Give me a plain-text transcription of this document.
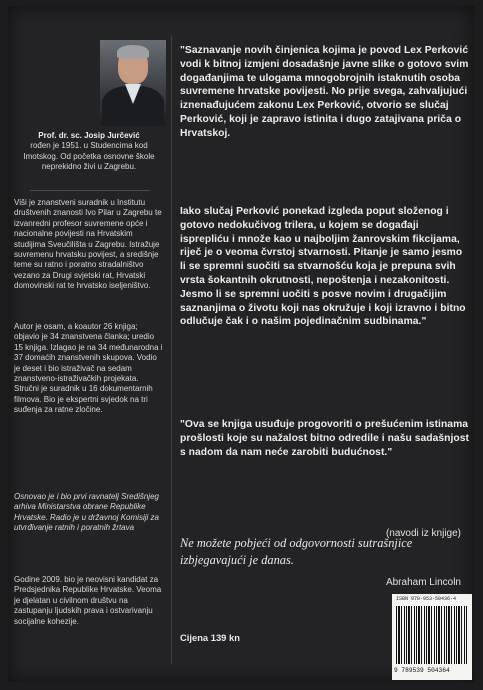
Prof. dr. sc. Josip Jurčević

rođen je 1951. u Studencima kod Imotskog. Od početka osnovne škole neprekidno živi u Zagrebu.

Viši je znanstveni suradnik u Institutu društvenih znanosti Ivo Pilar u Zagrebu te izvanredni profesor suvremene opće i nacionalne povijesti na Hrvatskim studijima Sveučilišta u Zagrebu. Istražuje suvremenu hrvatsku povijest, a središnje teme su ratno i poratno stradalništvo vezano za Drugi svjetski rat, Hrvatski domovinski rat te hrvatsko iseljeništvo.

Autor je osam, a koautor 26 knjiga; objavio je 34 znanstvena članka; uredio 15 knjiga. Izlagao je na 34 međunarodna i 37 domaćih znanstvenih skupova. Vodio je deset i bio istraživač na sedam znanstveno-istraživačkih projekata. Stručni je suradnik u 16 dokumentarnih filmova. Bio je ekspertni svjedok na tri suđenja za ratne zločine.

Osnovao je i bio prvi ravnatelj Središnjeg arhiva Ministarstva obrane Republike Hrvatske. Radio je u državnoj Komisiji za utvrđivanje ratnih i poratnih žrtava

Godine 2009. bio je neovisni kandidat za Predsjednika Republike Hrvatske. Veoma je djelatan u civilnom društvu na zastupanju ljudskih prava i ostvarivanju socijalne kohezije.

"Saznavanje novih činjenica kojima je povod Lex Perković vodi k bitnoj izmjeni dosadašnje javne slike o gotovo svim događanjima te ulogama mnogobrojnih istaknutih osoba suvremene hrvatske povijesti. No prije svega, zahvaljujući iznenađujućem zakonu Lex Perković, otvorio se slučaj Perković, koji je zapravo istinita i dugo zatajivana priča o Hrvatskoj.

Iako slučaj Perković ponekad izgleda poput složenog i gotovo nedokučivog trilera, u kojem se događaji isprepliću i množe kao u najboljim žanrovskim fikcijama, riječ je o veoma čvrstoj stvarnosti. Pitanje je samo jesmo li se spremni suočiti sa stvarnošću koja je prepuna svih vrsta šokantnih okrutnosti, nepoštenja i nezakonitosti. Jesmo li se spremni uočiti s posve novim i drugačijim saznanjima o životu koji nas okružuje i koji izravno i bitno odlučuje čak i o našim pojedinačnim sudbinama."

"Ova se knjiga usuđuje progovoriti o prešućenim istinama prošlosti koje su nažalost bitno odredile i našu sadašnjost s nadom da nam neće zarobiti budućnost."

(navodi iz knjige)
Ne možete pobjeći od odgovornosti sutrašnjice izbjegavajući je danas.
Abraham Lincoln
Cijena 139 kn
ISBN 978-953-50436-4
9 789539 504364
